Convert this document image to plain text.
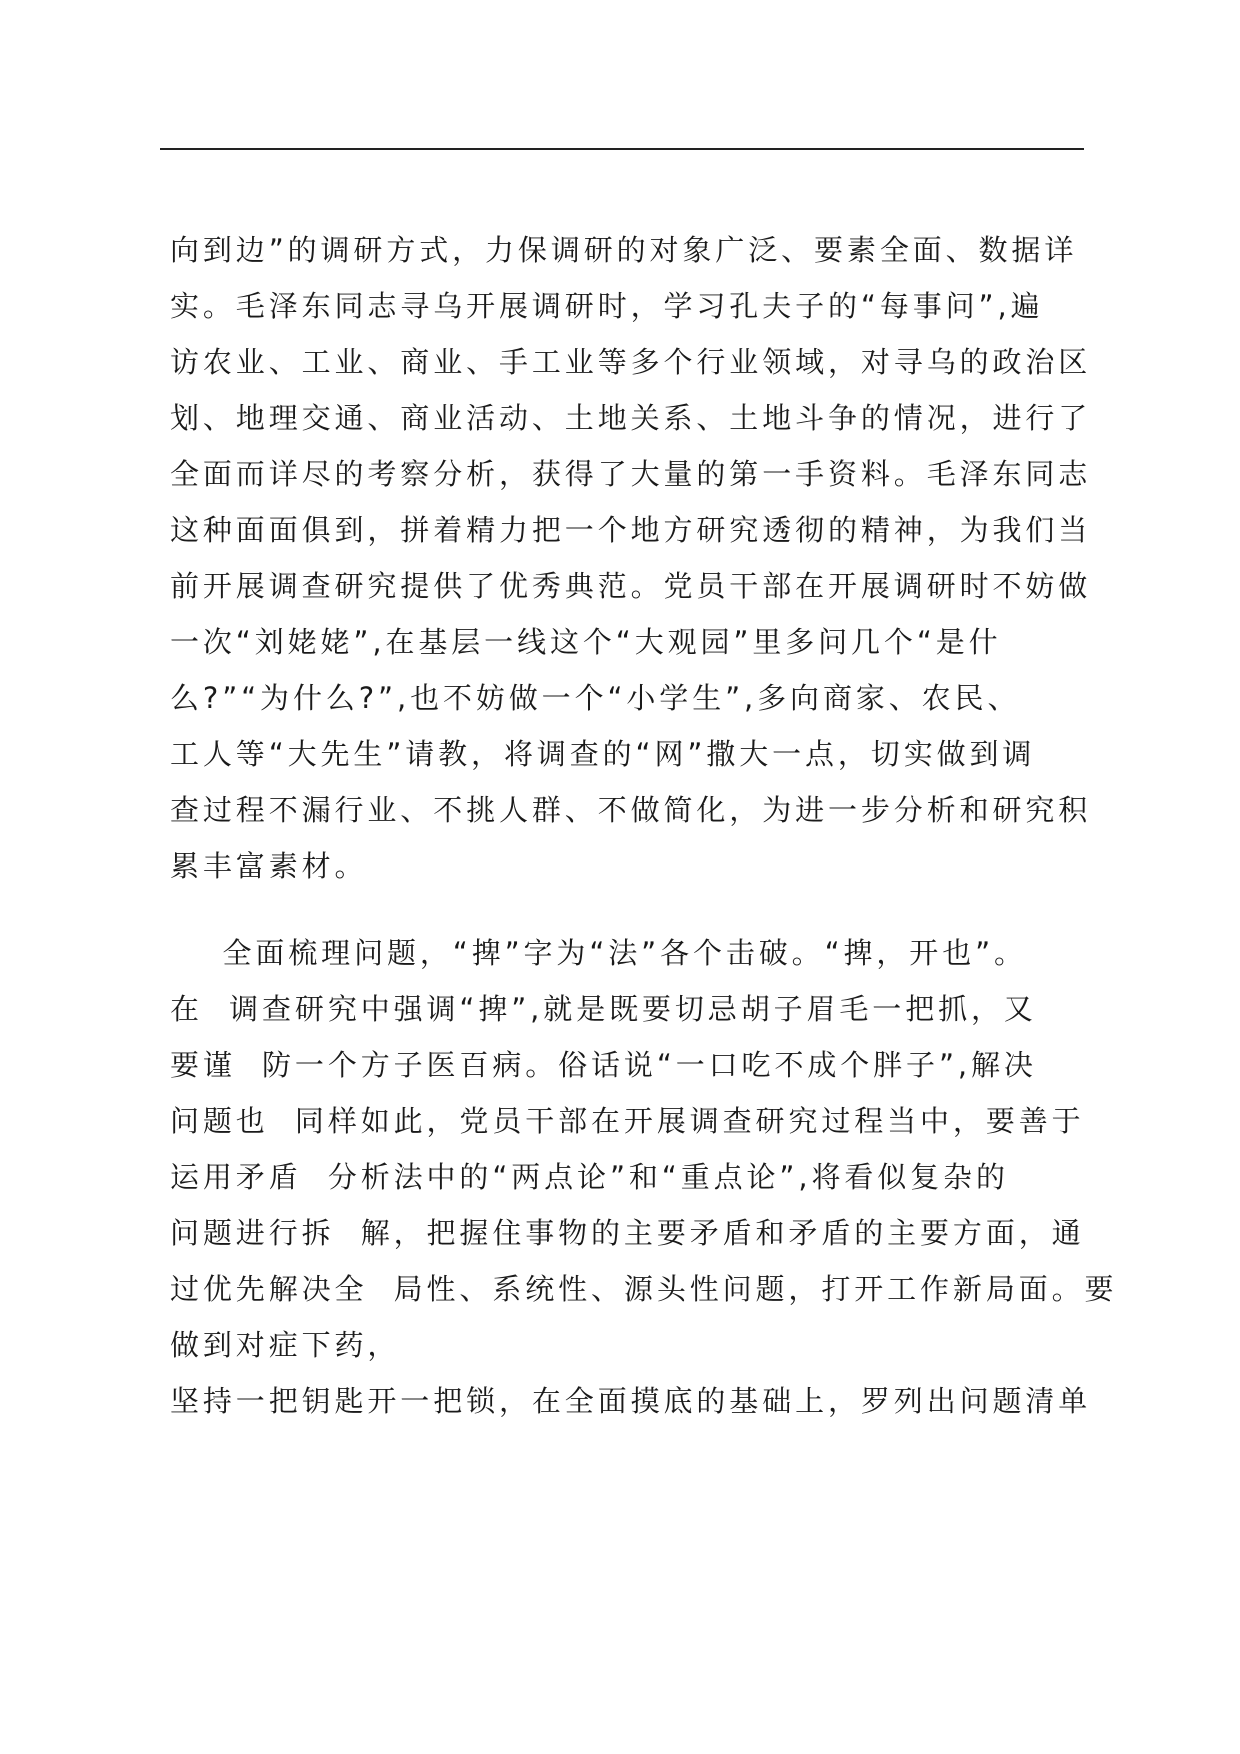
向到边”的调研方式，力保调研的对象广泛、要素全面、数据详

实。毛泽东同志寻乌开展调研时，学习孔夫子的“每事问”,遍

访农业、工业、商业、手工业等多个行业领域，对寻乌的政治区

划、地理交通、商业活动、土地关系、土地斗争的情况，进行了

全面而详尽的考察分析，获得了大量的第一手资料。毛泽东同志

这种面面俱到，拼着精力把一个地方研究透彻的精神，为我们当

前开展调查研究提供了优秀典范。党员干部在开展调研时不妨做

一次“刘姥姥”,在基层一线这个“大观园”里多问几个“是什

么?”“为什么?”,也不妨做一个“小学生”,多向商家、农民、

工人等“大先生”请教，将调查的“网”撒大一点，切实做到调

查过程不漏行业、不挑人群、不做简化，为进一步分析和研究积

累丰富素材。

全面梳理问题，“捭”字为“法”各个击破。“捭，开也”。

在  调查研究中强调“捭”,就是既要切忌胡子眉毛一把抓，又

要谨  防一个方子医百病。俗话说“一口吃不成个胖子”,解决

问题也  同样如此，党员干部在开展调查研究过程当中，要善于

运用矛盾  分析法中的“两点论”和“重点论”,将看似复杂的

问题进行拆  解，把握住事物的主要矛盾和矛盾的主要方面，通

过优先解决全  局性、系统性、源头性问题，打开工作新局面。要

做到对症下药，

坚持一把钥匙开一把锁，在全面摸底的基础上，罗列出问题清单
